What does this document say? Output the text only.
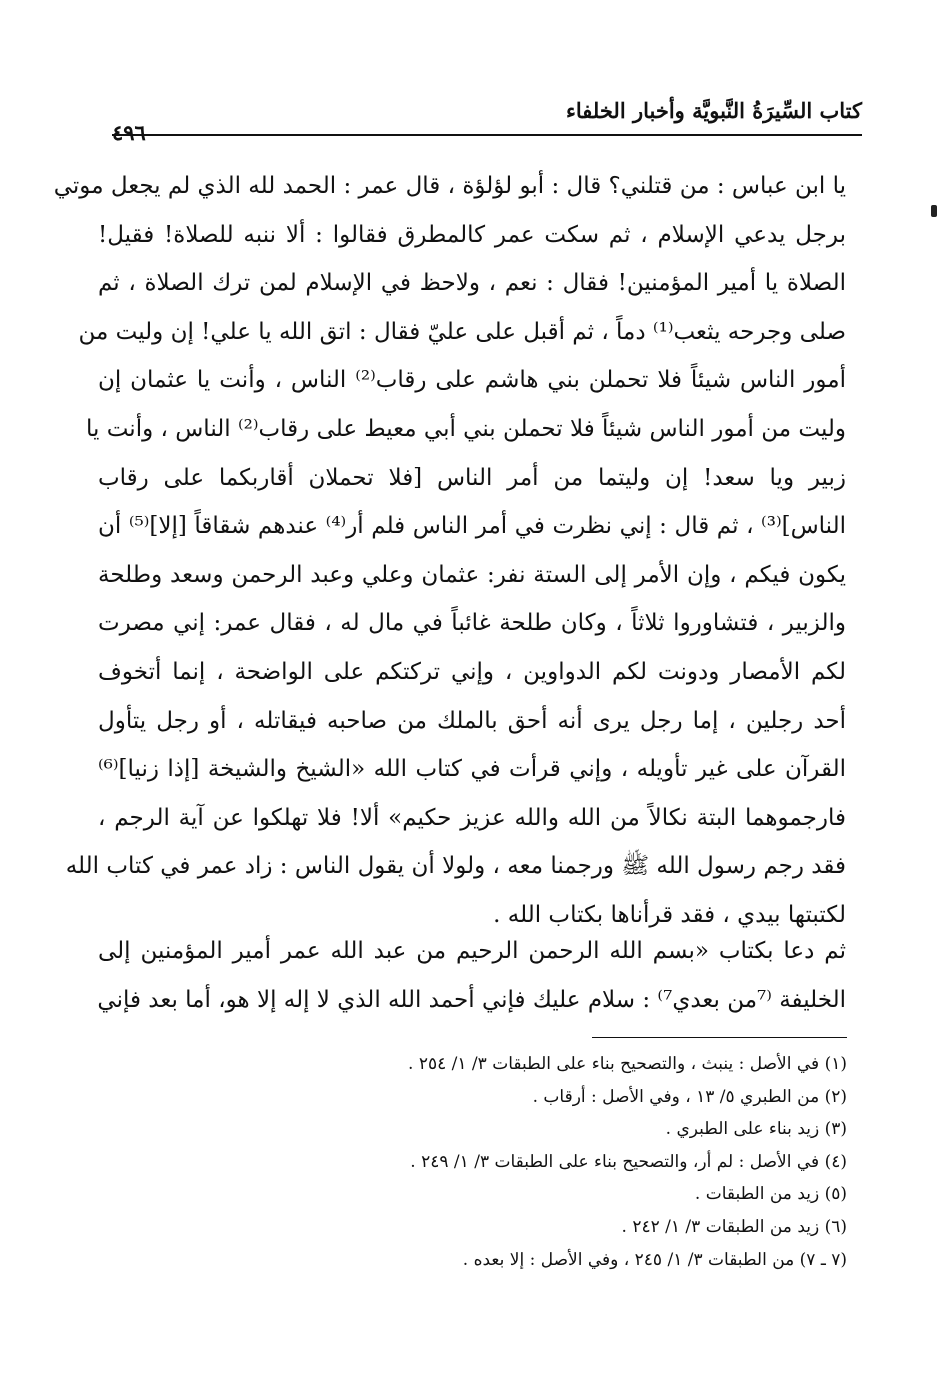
كتاب السِّيرَةُ النَّبويَّة وأخبار الخلفاء
٤٩٦
يا ابن عباس : من قتلني؟ قال : أبو لؤلؤة ، قال عمر : الحمد لله الذي لم يجعل موتي
برجل يدعي الإسلام ، ثم سكت عمر كالمطرق فقالوا : ألا ننبه للصلاة! فقيل!
الصلاة يا أمير المؤمنين! فقال : نعم ، ولاحظ في الإسلام لمن ترك الصلاة ، ثم
صلى وجرحه يثعب⁽¹⁾ دماً ، ثم أقبل على عليّ فقال : اتق الله يا علي! إن وليت من
أمور الناس شيئاً فلا تحملن بني هاشم على رقاب⁽²⁾ الناس ، وأنت يا عثمان إن
وليت من أمور الناس شيئاً فلا تحملن بني أبي معيط على رقاب⁽²⁾ الناس ، وأنت يا
زبير ويا سعد! إن وليتما من أمر الناس [فلا تحملان أقاربكما على رقاب
الناس]⁽³⁾ ، ثم قال : إني نظرت في أمر الناس فلم أر⁽⁴⁾ عندهم شقاقاً [إلا]⁽⁵⁾ أن
يكون فيكم ، وإن الأمر إلى الستة نفر: عثمان وعلي وعبد الرحمن وسعد وطلحة
والزبير ، فتشاوروا ثلاثاً ، وكان طلحة غائباً في مال له ، فقال عمر: إني مصرت
لكم الأمصار ودونت لكم الدواوين ، وإني تركتكم على الواضحة ، إنما أتخوف
أحد رجلين ، إما رجل يرى أنه أحق بالملك من صاحبه فيقاتله ، أو رجل يتأول
القرآن على غير تأويله ، وإني قرأت في كتاب الله «الشيخ والشيخة [إذا زنيا]⁽⁶⁾
فارجموهما البتة نكالاً من الله والله عزيز حكيم» ألا! فلا تهلكوا عن آية الرجم ،
فقد رجم رسول الله ﷺ ورجمنا معه ، ولولا أن يقول الناس : زاد عمر في كتاب الله
لكتبتها بيدي ، فقد قرأناها بكتاب الله .
ثم دعا بكتاب «بسم الله الرحمن الرحيم من عبد الله عمر أمير المؤمنين إلى
الخليفة ⁽⁷من بعدي⁷⁾ : سلام عليك فإني أحمد الله الذي لا إله إلا هو، أما بعد فإني
(١) في الأصل : ينبث ، والتصحيح بناء على الطبقات ٣/ ١/ ٢٥٤ .
(٢) من الطبري ٥/ ١٣ ، وفي الأصل : أرقاب .
(٣) زيد بناء على الطبري .
(٤) في الأصل : لم أر، والتصحيح بناء على الطبقات ٣/ ١/ ٢٤٩ .
(٥) زيد من الطبقات .
(٦) زيد من الطبقات ٣/ ١/ ٢٤٢ .
(٧ ـ ٧) من الطبقات ٣/ ١/ ٢٤٥ ، وفي الأصل : إلا بعده .
